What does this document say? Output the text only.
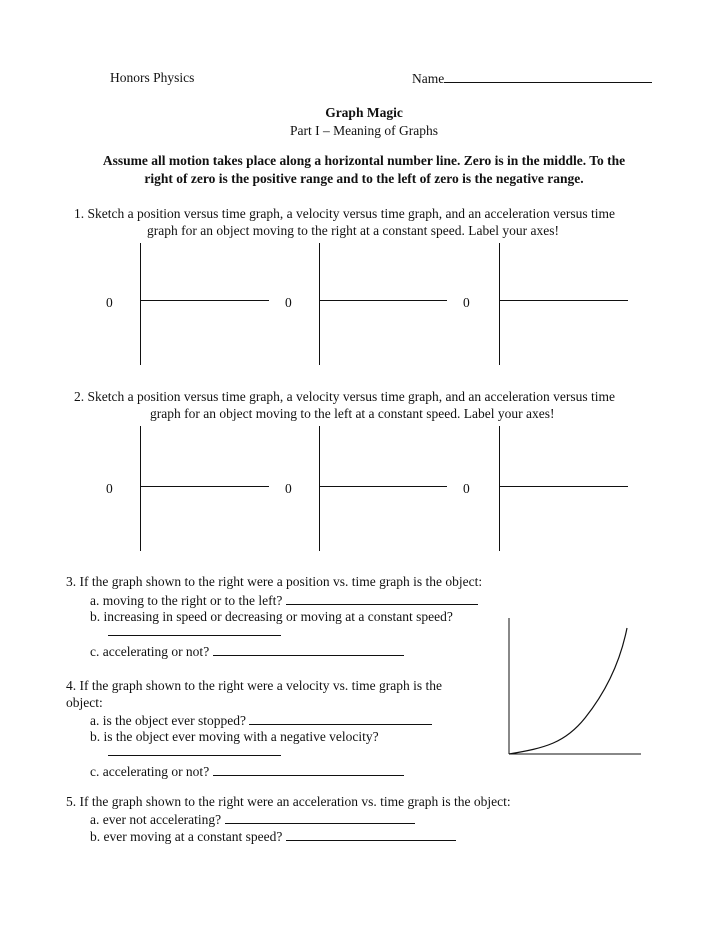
Honors Physics	Name
Graph Magic
Part I – Meaning of Graphs
Assume all motion takes place along a horizontal number line. Zero is in the middle. To the
right of zero is the positive range and to the left of zero is the negative range.
1. Sketch a position versus time graph, a velocity versus time graph, and an acceleration versus time
graph for an object moving to the right at a constant speed. Label your axes!
0	0	0
2. Sketch a position versus time graph, a velocity versus time graph, and an acceleration versus time
graph for an object moving to the left at a constant speed. Label your axes!
0	0	0
3. If the graph shown to the right were a position vs. time graph is the object:
a. moving to the right or to the left?
b. increasing in speed or decreasing or moving at a constant speed?
c. accelerating or not?
4. If the graph shown to the right were a velocity vs. time graph is the
object:
a. is the object ever stopped?
b. is the object ever moving with a negative velocity?
c. accelerating or not?
5. If the graph shown to the right were an acceleration vs. time graph is the object:
a. ever not accelerating?
b. ever moving at a constant speed?
